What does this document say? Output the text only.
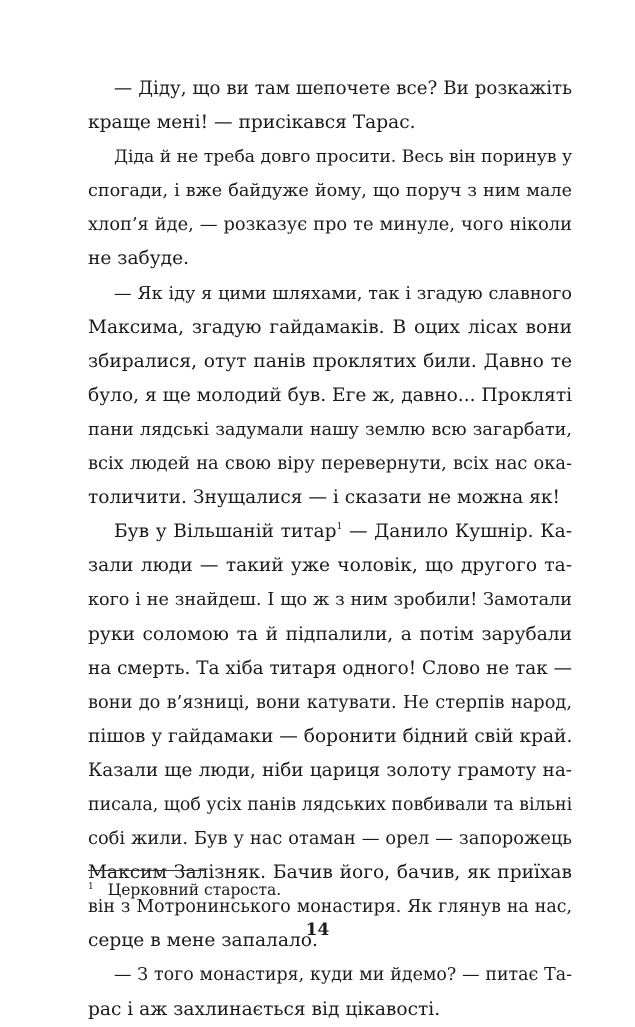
— Діду, що ви там шепочете все? Ви розкажіть
краще мені! — присікався Тарас.

Діда й не треба довго просити. Весь він поринув у
спогади, і вже байдуже йому, що поруч з ним мале
хлоп’я йде, — розказує про те минуле, чого ніколи
не забуде.

— Як іду я цими шляхами, так і згадую славного
Максима, згадую гайдамаків. В оцих лісах вони
збиралися, отут панів проклятих били. Давно те
було, я ще молодий був. Еге ж, давно... Прокляті
пани лядські задумали нашу землю всю загарбати,
всіх людей на свою віру перевернути, всіх нас ока-
толичити. Знущалися — і сказати не можна як!

Був у Вільшаній титар$^1$ — Данило Кушнір. Ка-
зали люди — такий уже чоловік, що другого та-
кого і не знайдеш. І що ж з ним зробили! Замотали
руки соломою та й підпалили, а потім зарубали
на смерть. Та хіба титаря одного! Слово не так —
вони до в’язниці, вони катувати. Не стерпів народ,
пішов у гайдамаки — боронити бідний свій край.
Казали ще люди, ніби цариця золоту грамоту на-
писала, щоб усіх панів лядських повбивали та вільні
собі жили. Був у нас отаман — орел — запорожець
Максим Залізняк. Бачив його, бачив, як приїхав
він з Мотронинського монастиря. Як глянув на нас,
серце в мене запалало.

— З того монастиря, куди ми йдемо? — питає Та-
рас і аж захлинається від цікавості.

$^1$ Церковний староста.
14
